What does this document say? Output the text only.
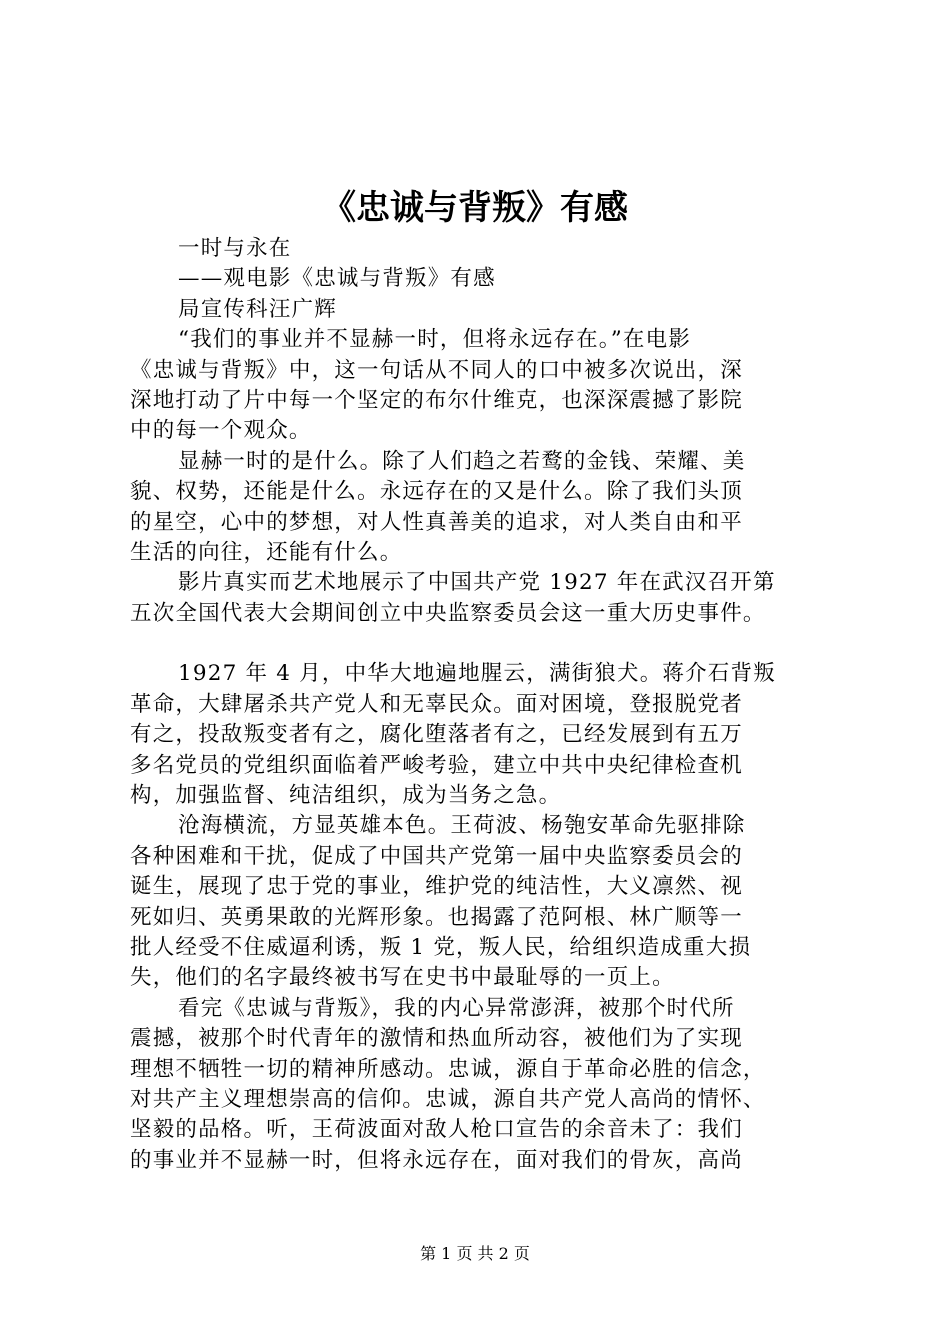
《忠诚与背叛》有感
一时与永在
——观电影《忠诚与背叛》有感
局宣传科汪广辉
“我们的事业并不显赫一时，但将永远存在。”在电影
《忠诚与背叛》中，这一句话从不同人的口中被多次说出，深
深地打动了片中每一个坚定的布尔什维克，也深深震撼了影院
中的每一个观众。
显赫一时的是什么。除了人们趋之若鹜的金钱、荣耀、美
貌、权势，还能是什么。永远存在的又是什么。除了我们头顶
的星空，心中的梦想，对人性真善美的追求，对人类自由和平
生活的向往，还能有什么。
影片真实而艺术地展示了中国共产党 1927 年在武汉召开第
五次全国代表大会期间创立中央监察委员会这一重大历史事件。
1927 年 4 月，中华大地遍地腥云，满街狼犬。蒋介石背叛
革命，大肆屠杀共产党人和无辜民众。面对困境，登报脱党者
有之，投敌叛变者有之，腐化堕落者有之，已经发展到有五万
多名党员的党组织面临着严峻考验，建立中共中央纪律检查机
构，加强监督、纯洁组织，成为当务之急。
沧海横流，方显英雄本色。王荷波、杨匏安革命先驱排除
各种困难和干扰，促成了中国共产党第一届中央监察委员会的
诞生，展现了忠于党的事业，维护党的纯洁性，大义凛然、视
死如归、英勇果敢的光辉形象。也揭露了范阿根、林广顺等一
批人经受不住威逼利诱，叛 1 党，叛人民，给组织造成重大损
失，他们的名字最终被书写在史书中最耻辱的一页上。
看完《忠诚与背叛》，我的内心异常澎湃，被那个时代所
震撼，被那个时代青年的激情和热血所动容，被他们为了实现
理想不牺牲一切的精神所感动。忠诚，源自于革命必胜的信念，
对共产主义理想崇高的信仰。忠诚，源自共产党人高尚的情怀、
坚毅的品格。听，王荷波面对敌人枪口宣告的余音未了：我们
的事业并不显赫一时，但将永远存在，面对我们的骨灰，高尚
第 1 页 共 2 页
